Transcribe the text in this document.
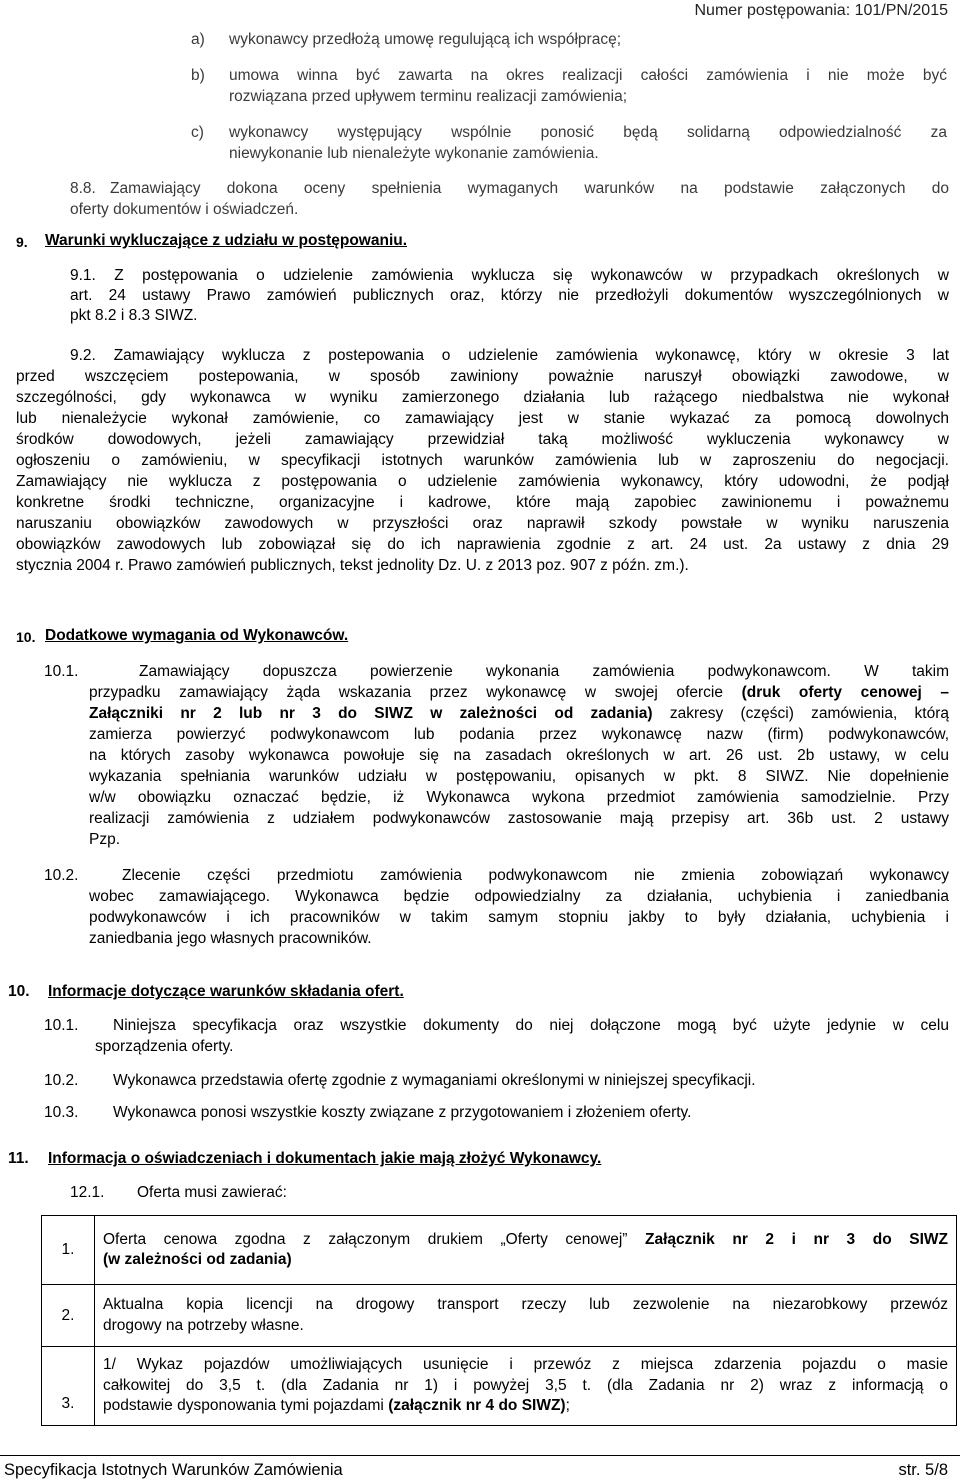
Numer postępowania: 101/PN/2015
a) wykonawcy przedłożą umowę regulującą ich współpracę;
b) umowa winna być zawarta na okres realizacji całości zamówienia i nie może być
rozwiązana przed upływem terminu realizacji zamówienia;
c) wykonawcy występujący wspólnie ponosić będą solidarną odpowiedzialność za
niewykonanie lub nienależyte wykonanie zamówienia.
8.8. Zamawiający dokona oceny spełnienia wymaganych warunków na podstawie załączonych do
oferty dokumentów i oświadczeń.
9. Warunki wykluczające z udziału w postępowaniu.
9.1. Z postępowania o udzielenie zamówienia wyklucza się wykonawców w przypadkach określonych w
art. 24 ustawy Prawo zamówień publicznych oraz, którzy nie przedłożyli dokumentów wyszczególnionych w
pkt 8.2 i 8.3 SIWZ.
9.2. Zamawiający wyklucza z postepowania o udzielenie zamówienia wykonawcę, który w okresie 3 lat
przed wszczęciem postepowania, w sposób zawiniony poważnie naruszył obowiązki zawodowe, w
szczególności, gdy wykonawca w wyniku zamierzonego działania lub rażącego niedbalstwa nie wykonał
lub nienależycie wykonał zamówienie, co zamawiający jest w stanie wykazać za pomocą dowolnych
środków dowodowych, jeżeli zamawiający przewidział taką możliwość wykluczenia wykonawcy w
ogłoszeniu o zamówieniu, w specyfikacji istotnych warunków zamówienia lub w zaproszeniu do negocjacji.
Zamawiający nie wyklucza z postępowania o udzielenie zamówienia wykonawcy, który udowodni, że podjął
konkretne środki techniczne, organizacyjne i kadrowe, które mają zapobiec zawinionemu i poważnemu
naruszaniu obowiązków zawodowych w przyszłości oraz naprawił szkody powstałe w wyniku naruszenia
obowiązków zawodowych lub zobowiązał się do ich naprawienia zgodnie z art. 24 ust. 2a ustawy z dnia 29
stycznia 2004 r. Prawo zamówień publicznych, tekst jednolity Dz. U. z 2013 poz. 907 z późn. zm.).
10. Dodatkowe wymagania od Wykonawców.
10.1.	Zamawiający dopuszcza powierzenie wykonania zamówienia podwykonawcom. W takim
przypadku zamawiający żąda wskazania przez wykonawcę w swojej ofercie (druk oferty cenowej –
Załączniki nr 2 lub nr 3 do SIWZ w zależności od zadania) zakresy (części) zamówienia, którą
zamierza powierzyć podwykonawcom lub podania przez wykonawcę nazw (firm) podwykonawców,
na których zasoby wykonawca powołuje się na zasadach określonych w art. 26 ust. 2b ustawy, w celu
wykazania spełniania warunków udziału w postępowaniu, opisanych w pkt. 8 SIWZ. Nie dopełnienie
w/w obowiązku oznaczać będzie, iż Wykonawca wykona przedmiot zamówienia samodzielnie. Przy
realizacji zamówienia z udziałem podwykonawców zastosowanie mają przepisy art. 36b ust. 2 ustawy
Pzp.
10.2.	Zlecenie części przedmiotu zamówienia podwykonawcom nie zmienia zobowiązań wykonawcy
wobec zamawiającego. Wykonawca będzie odpowiedzialny za działania, uchybienia i zaniedbania
podwykonawców i ich pracowników w takim samym stopniu jakby to były działania, uchybienia i
zaniedbania jego własnych pracowników.
10. Informacje dotyczące warunków składania ofert.
10.1. Niniejsza specyfikacja oraz wszystkie dokumenty do niej dołączone mogą być użyte jedynie w celu
sporządzenia oferty.
10.2. Wykonawca przedstawia ofertę zgodnie z wymaganiami określonymi w niniejszej specyfikacji.
10.3. Wykonawca ponosi wszystkie koszty związane z przygotowaniem i złożeniem oferty.
11. Informacja o oświadczeniach i dokumentach jakie mają złożyć Wykonawcy.
12.1. Oferta musi zawierać:
1.	Oferta cenowa zgodna z załączonym drukiem „Oferty cenowej” Załącznik nr 2 i nr 3 do SIWZ
(w zależności od zadania)

2.	Aktualna kopia licencji na drogowy transport rzeczy lub zezwolenie na niezarobkowy przewóz
drogowy na potrzeby własne.

3.	1/ Wykaz pojazdów umożliwiających usunięcie i przewóz z miejsca zdarzenia pojazdu o masie
całkowitej do 3,5 t. (dla Zadania nr 1) i powyżej 3,5 t. (dla Zadania nr 2) wraz z informacją o
podstawie dysponowania tymi pojazdami (załącznik nr 4 do SIWZ);
Specyfikacja Istotnych Warunków Zamówienia	str. 5/8
